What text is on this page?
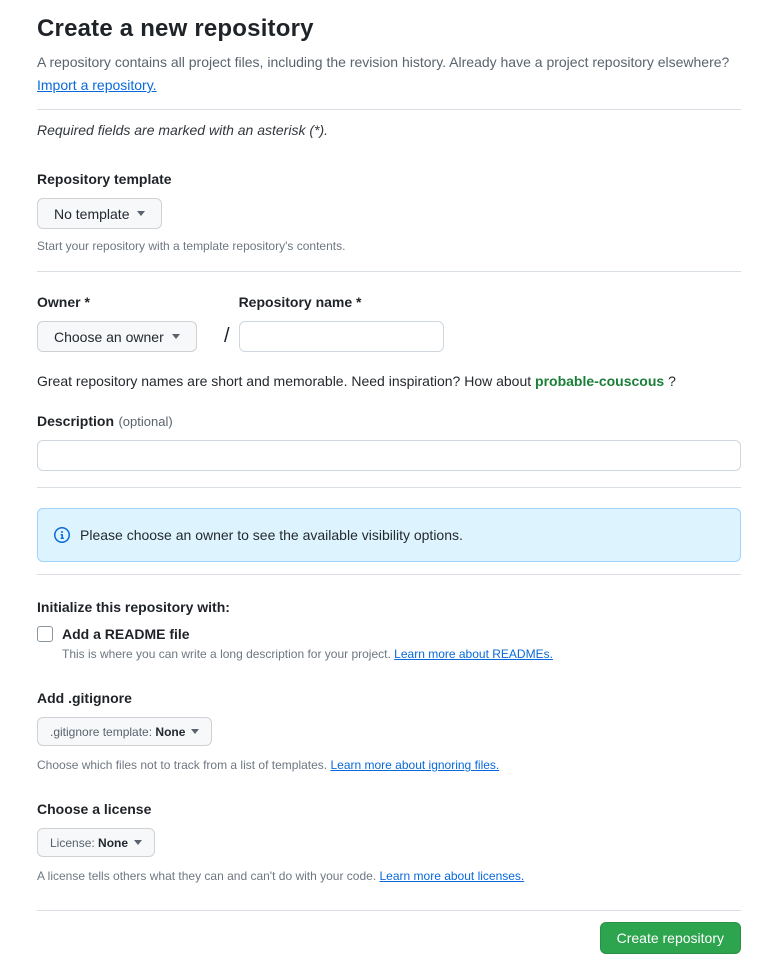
Create a new repository
A repository contains all project files, including the revision history. Already have a project repository elsewhere?
Import a repository.
Required fields are marked with an asterisk (*).
Repository template
No template
Start your repository with a template repository's contents.
Owner *
Choose an owner	/
Repository name *
Great repository names are short and memorable. Need inspiration? How about probable-couscous ?
Description (optional)
Please choose an owner to see the available visibility options.
Initialize this repository with:
Add a README file
This is where you can write a long description for your project. Learn more about READMEs.
Add .gitignore
.gitignore template: None
Choose which files not to track from a list of templates. Learn more about ignoring files.
Choose a license
License: None
A license tells others what they can and can't do with your code. Learn more about licenses.
Create repository
